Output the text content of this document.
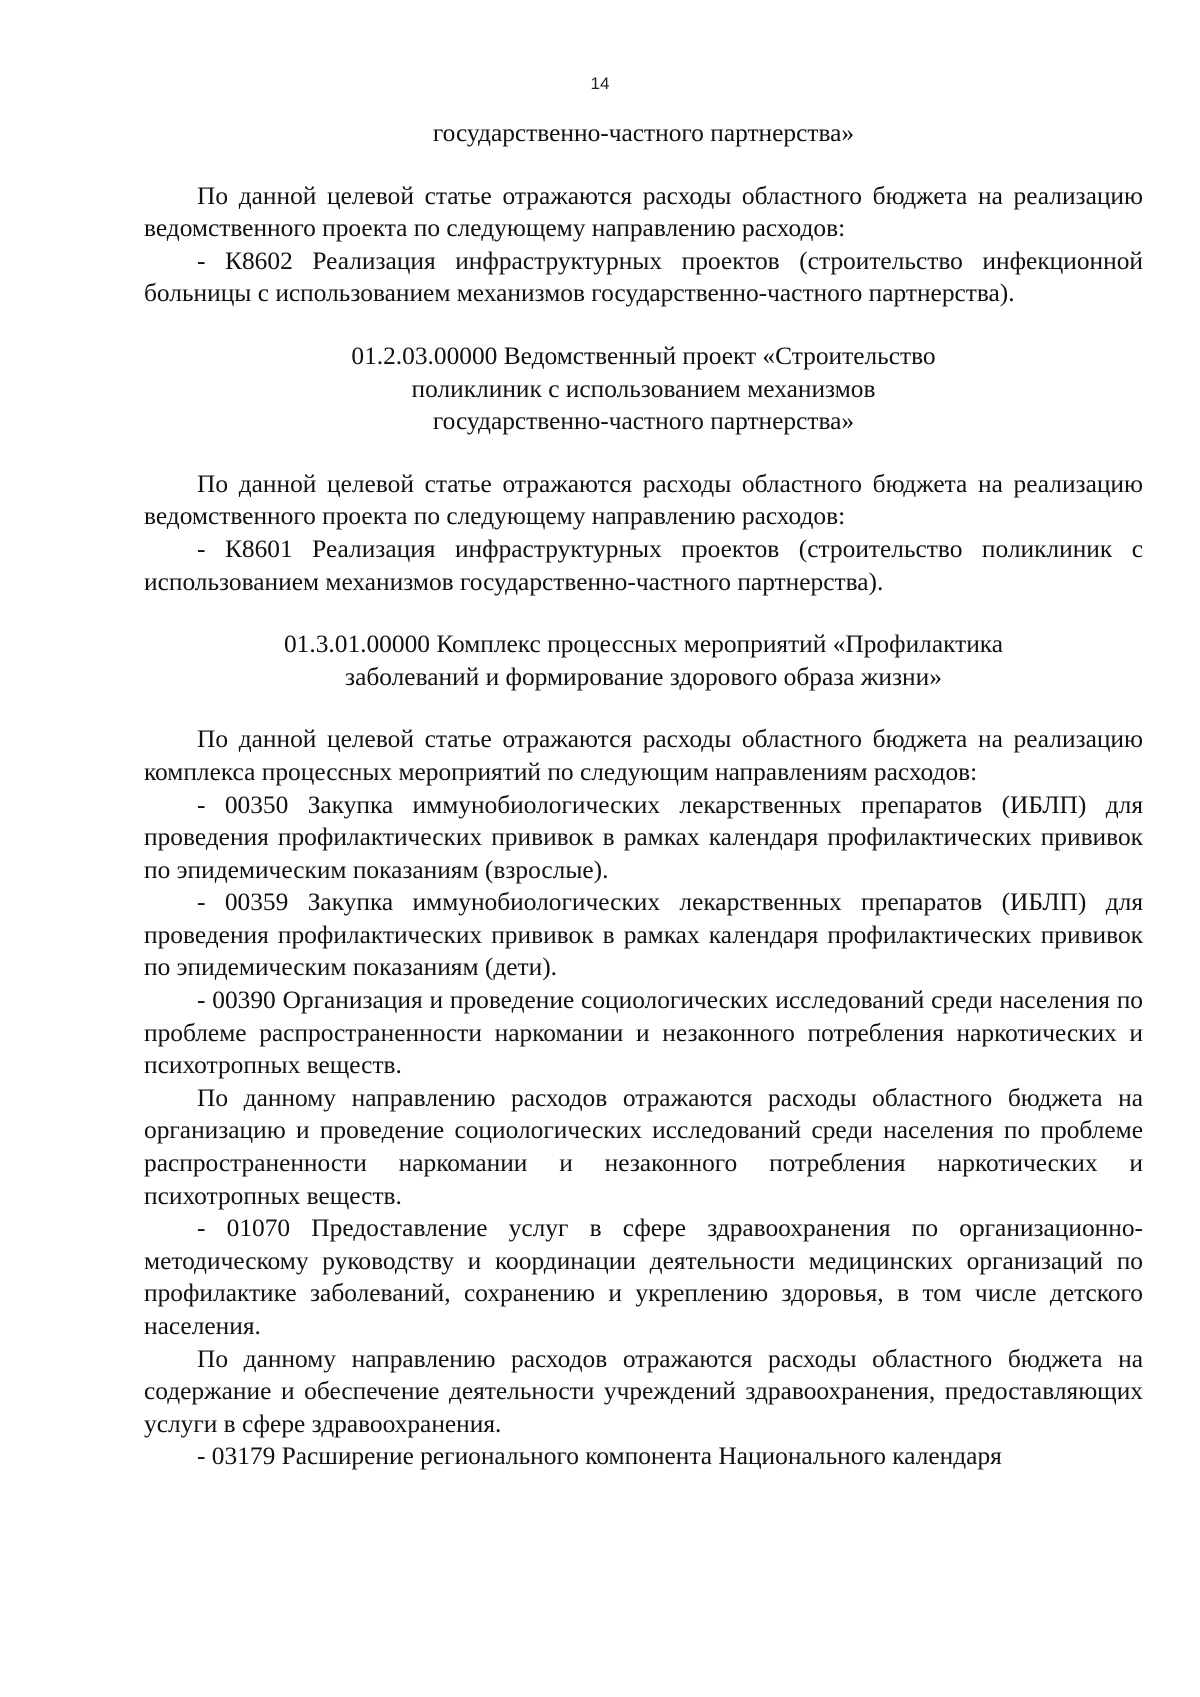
14

государственно-частного партнерства»

По данной целевой статье отражаются расходы областного бюджета на реализацию ведомственного проекта по следующему направлению расходов:

- К8602 Реализация инфраструктурных проектов (строительство инфекционной больницы с использованием механизмов государственно-частного партнерства).

01.2.03.00000 Ведомственный проект «Строительство
поликлиник с использованием механизмов
государственно-частного партнерства»

По данной целевой статье отражаются расходы областного бюджета на реализацию ведомственного проекта по следующему направлению расходов:

- К8601 Реализация инфраструктурных проектов (строительство поликлиник с использованием механизмов государственно-частного партнерства).

01.3.01.00000 Комплекс процессных мероприятий «Профилактика
заболеваний и формирование здорового образа жизни»

По данной целевой статье отражаются расходы областного бюджета на реализацию комплекса процессных мероприятий по следующим направлениям расходов:

- 00350 Закупка иммунобиологических лекарственных препаратов (ИБЛП) для проведения профилактических прививок в рамках календаря профилактических прививок по эпидемическим показаниям (взрослые).

- 00359 Закупка иммунобиологических лекарственных препаратов (ИБЛП) для проведения профилактических прививок в рамках календаря профилактических прививок по эпидемическим показаниям (дети).

- 00390 Организация и проведение социологических исследований среди населения по проблеме распространенности наркомании и незаконного потребления наркотических и психотропных веществ.

По данному направлению расходов отражаются расходы областного бюджета на организацию и проведение социологических исследований среди населения по проблеме распространенности наркомании и незаконного потребления наркотических и психотропных веществ.

- 01070 Предоставление услуг в сфере здравоохранения по организационно-методическому руководству и координации деятельности медицинских организаций по профилактике заболеваний, сохранению и укреплению здоровья, в том числе детского населения.

По данному направлению расходов отражаются расходы областного бюджета на содержание и обеспечение деятельности учреждений здравоохранения, предоставляющих услуги в сфере здравоохранения.

- 03179 Расширение регионального компонента Национального календаря
